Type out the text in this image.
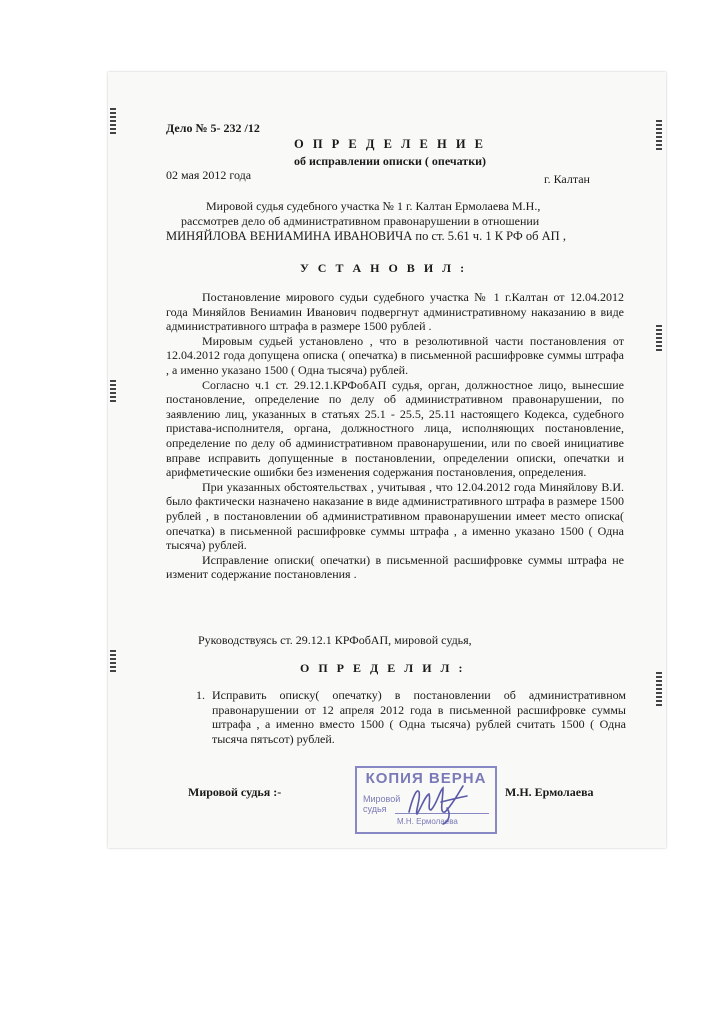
Дело № 5- 232 /12
О П Р Е Д Е Л Е Н И Е
об исправлении описки ( опечатки)
02 мая 2012 года	г. Калтан
Мировой судья судебного участка № 1 г. Калтан Ермолаева М.Н.,
рассмотрев дело об административном правонарушении в отношении
МИНЯЙЛОВА ВЕНИАМИНА ИВАНОВИЧА по ст. 5.61 ч. 1 К РФ об АП ,
У С Т А Н О В И Л :

Постановление мирового судьи судебного участка № 1 г.Калтан от 12.04.2012 года Миняйлов Вениамин Иванович подвергнут административному наказанию в виде административного штрафа в размере 1500 рублей .

Мировым судьей установлено , что в резолютивной части постановления от 12.04.2012 года допущена описка ( опечатка) в письменной расшифровке суммы штрафа , а именно указано 1500 ( Одна тысяча) рублей.

Согласно ч.1 ст. 29.12.1.КРФобАП судья, орган, должностное лицо, вынесшие постановление, определение по делу об административном правонарушении, по заявлению лиц, указанных в статьях 25.1 - 25.5, 25.11 настоящего Кодекса, судебного пристава-исполнителя, органа, должностного лица, исполняющих постановление, определение по делу об административном правонарушении, или по своей инициативе вправе исправить допущенные в постановлении, определении описки, опечатки и арифметические ошибки без изменения содержания постановления, определения.

При указанных обстоятельствах , учитывая , что 12.04.2012 года Миняйлову В.И. было фактически назначено наказание в виде административного штрафа в размере 1500 рублей , в постановлении об административном правонарушении имеет место описка( опечатка) в письменной расшифровке суммы штрафа , а именно указано 1500 ( Одна тысяча) рублей.

Исправление описки( опечатки) в письменной расшифровке суммы штрафа не изменит содержание постановления .

Руководствуясь ст. 29.12.1 КРФобАП, мировой судья,
О П Р Е Д Е Л И Л :
1. Исправить описку( опечатку) в постановлении об административном правонарушении от 12 апреля 2012 года в письменной расшифровке суммы штрафа , а именно вместо 1500 ( Одна тысяча) рублей считать 1500 ( Одна тысяча пятьсот) рублей.
Мировой судья :-	М.Н. Ермолаева
КОПИЯ ВЕРНА
Мировой судья
М.Н. Ермолаева
